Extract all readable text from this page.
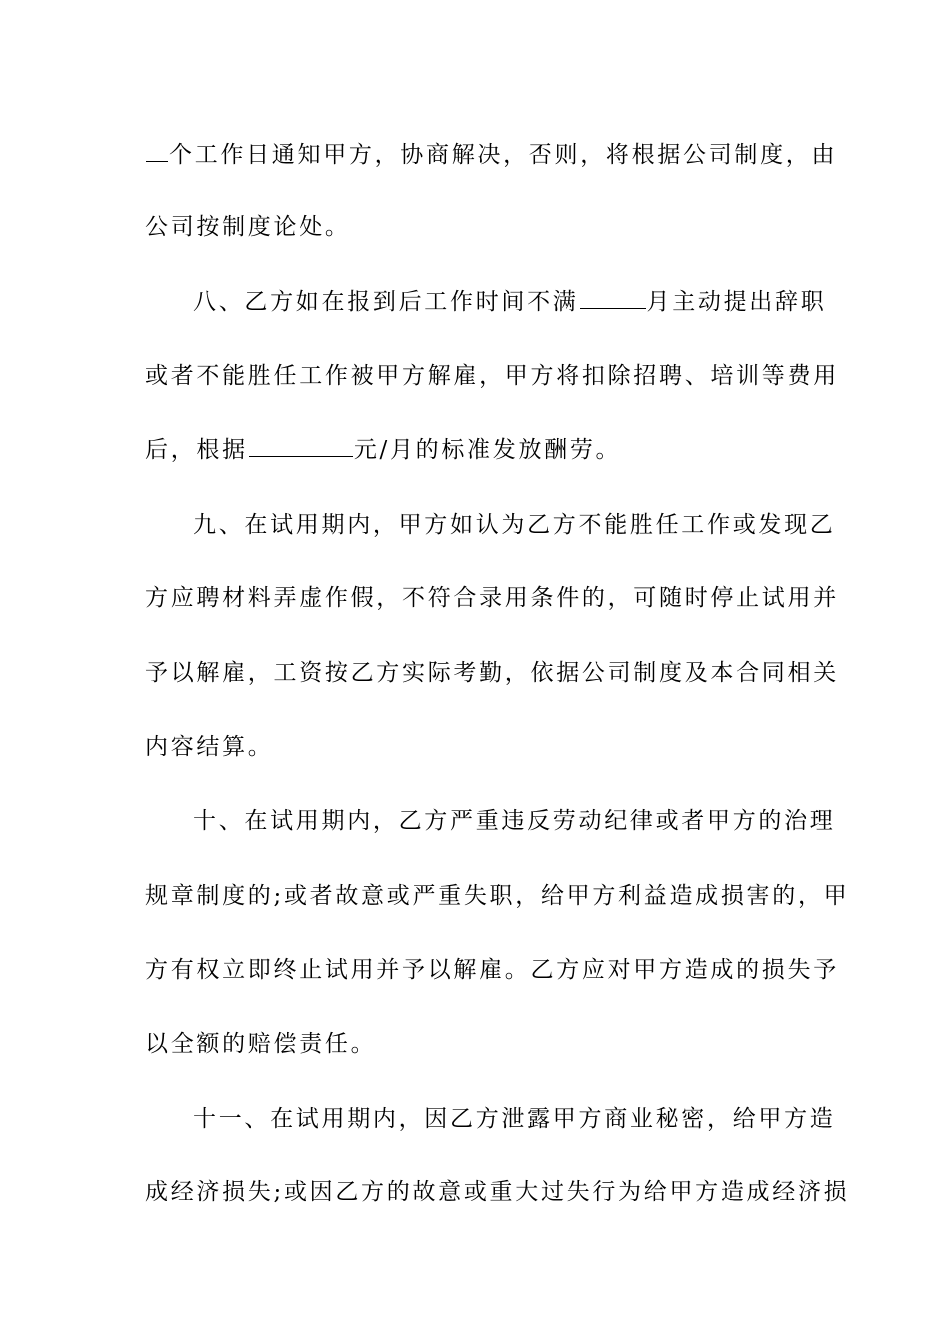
个工作日通知甲方，协商解决，否则，将根据公司制度，由
公司按制度论处。
八、乙方如在报到后工作时间不满	月主动提出辞职
或者不能胜任工作被甲方解雇，甲方将扣除招聘、培训等费用
后，根据	元/月的标准发放酬劳。
九、在试用期内，甲方如认为乙方不能胜任工作或发现乙
方应聘材料弄虚作假，不符合录用条件的，可随时停止试用并
予以解雇，工资按乙方实际考勤，依据公司制度及本合同相关
内容结算。
十、在试用期内，乙方严重违反劳动纪律或者甲方的治理
规章制度的;或者故意或严重失职，给甲方利益造成损害的，甲
方有权立即终止试用并予以解雇。乙方应对甲方造成的损失予
以全额的赔偿责任。
十一、在试用期内，因乙方泄露甲方商业秘密，给甲方造
成经济损失;或因乙方的故意或重大过失行为给甲方造成经济损
